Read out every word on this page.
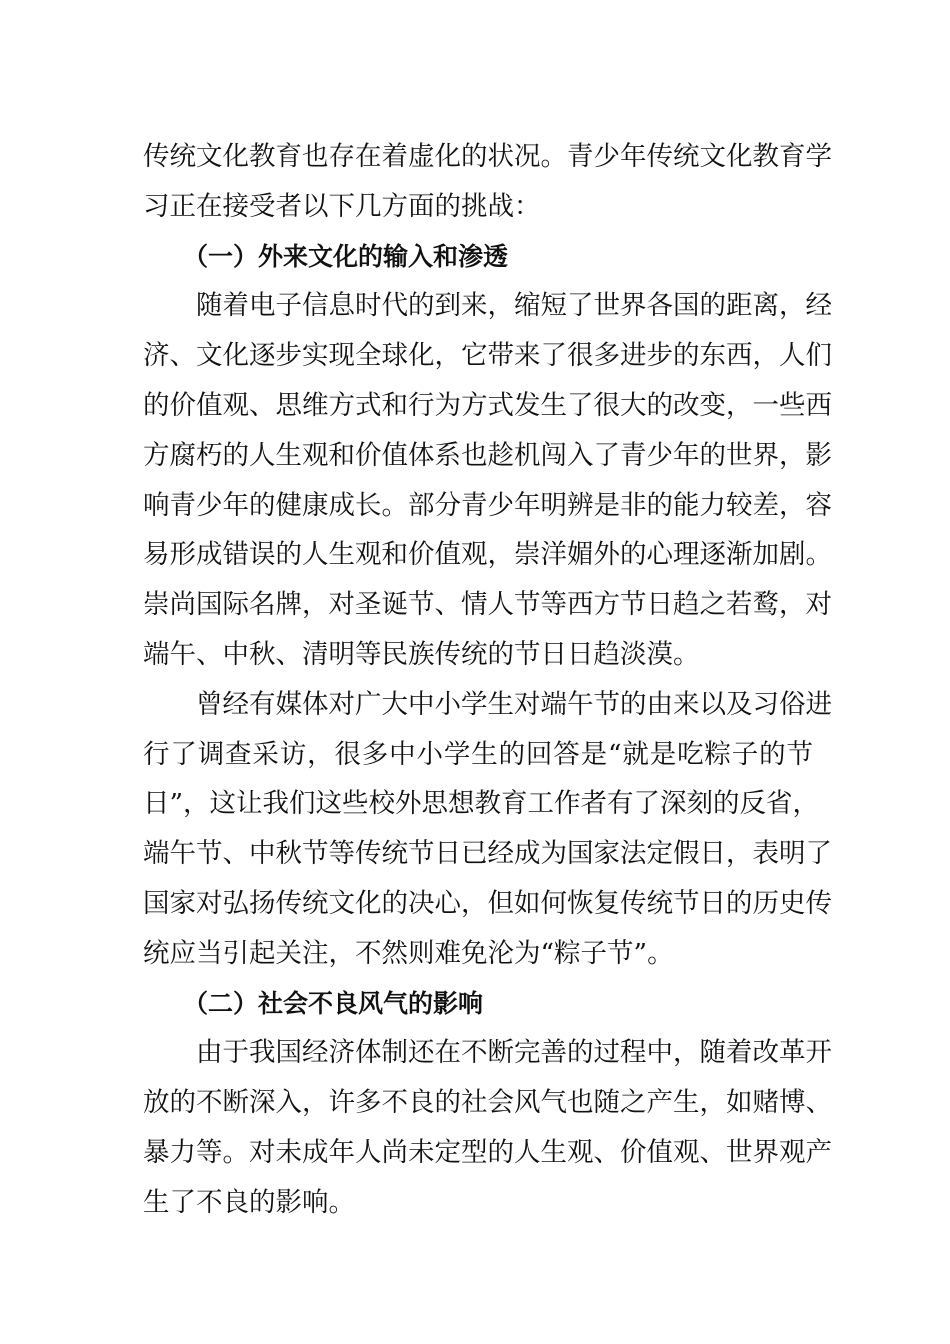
传统文化教育也存在着虚化的状况。青少年传统文化教育学
习正在接受者以下几方面的挑战：
（一）外来文化的输入和渗透
随着电子信息时代的到来，缩短了世界各国的距离，经
济、文化逐步实现全球化，它带来了很多进步的东西，人们
的价值观、思维方式和行为方式发生了很大的改变，一些西
方腐朽的人生观和价值体系也趁机闯入了青少年的世界，影
响青少年的健康成长。部分青少年明辨是非的能力较差，容
易形成错误的人生观和价值观，崇洋媚外的心理逐渐加剧。
崇尚国际名牌，对圣诞节、情人节等西方节日趋之若鹜，对
端午、中秋、清明等民族传统的节日日趋淡漠。
曾经有媒体对广大中小学生对端午节的由来以及习俗进
行了调查采访，很多中小学生的回答是“就是吃粽子的节
日”，这让我们这些校外思想教育工作者有了深刻的反省，
端午节、中秋节等传统节日已经成为国家法定假日，表明了
国家对弘扬传统文化的决心，但如何恢复传统节日的历史传
统应当引起关注，不然则难免沦为“粽子节”。
（二）社会不良风气的影响
由于我国经济体制还在不断完善的过程中，随着改革开
放的不断深入，许多不良的社会风气也随之产生，如赌博、
暴力等。对未成年人尚未定型的人生观、价值观、世界观产
生了不良的影响。
